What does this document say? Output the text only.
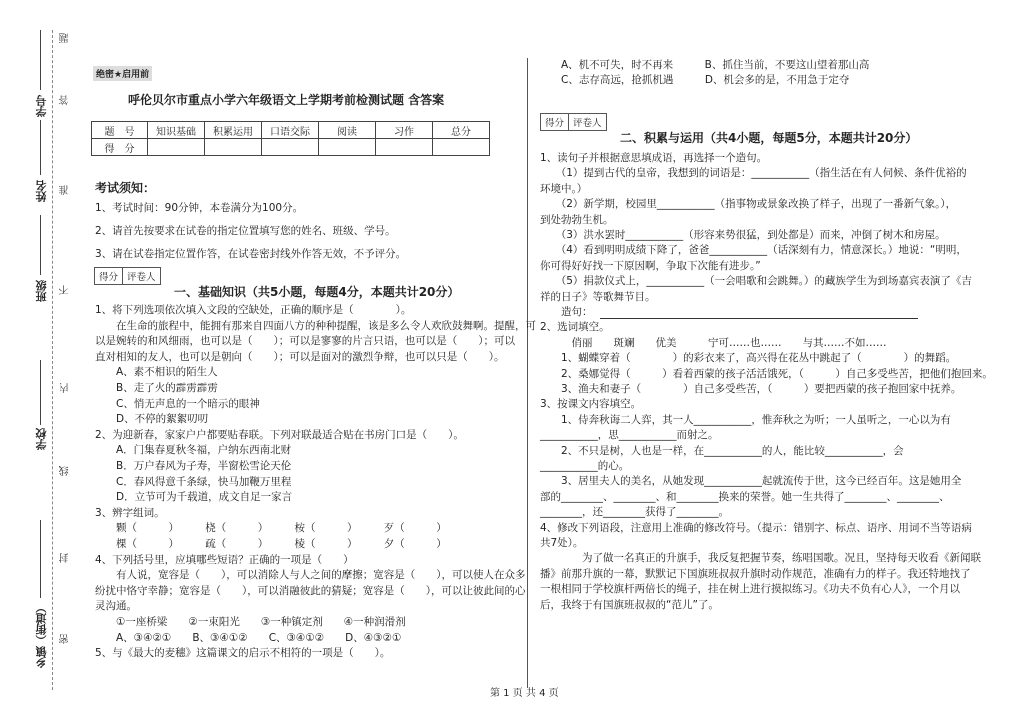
学号
姓名
班级
学校
乡镇（街道）
题
答
准
不
内
线
封
密
绝密★启用前
呼伦贝尔市重点小学六年级语文上学期考前检测试题 含答案
题　号	知识基础	积累运用	口语交际	阅读	习作	总分
得　分						
考试须知：
1、考试时间：90分钟，本卷满分为100分。
2、请首先按要求在试卷的指定位置填写您的姓名、班级、学号。
3、请在试卷指定位置作答，在试卷密封线外作答无效，不予评分。
得分 评卷人
一、基础知识（共5小题，每题4分，本题共计20分）
1、将下列选项依次填入文段的空缺处，正确的顺序是（　　　　）。
　　在生命的旅程中，能拥有那来自四面八方的种种提醒，该是多么令人欢欣鼓舞啊。提醒，可
以是婉转的和风细雨，也可以是（　　）；可以是寥寥的片言只语，也可以是（　　）；可以
直对相知的友人，也可以是朝向（　　）；可以是面对的激烈争辩，也可以只是（　　）。
　　A、素不相识的陌生人
　　B、走了火的霹雳霹雳
　　C、悄无声息的一个暗示的眼神
　　D、不停的絮絮叨叨
2、为迎新春，家家户户都要贴春联。下列对联最适合贴在书房门口是（　　）。
　　A．门集春夏秋冬福，户纳东西南北财
　　B．万户春风为子寿，半窗松雪论天伦
　　C．春风得意千条绿，快马加鞭万里程
　　D．立节可为千载道，成文自足一家言
3、辨字组词。
　　颗（　　　）　　　桡（　　　）　　　桉（　　　）　　　歹（　　　）
　　棵（　　　）　　　疏（　　　）　　　棱（　　　）　　　夕（　　　）
4、下列括号里，应填哪些短语？正确的一项是（　　）
　　有人说，宽容是（　　），可以消除人与人之间的摩擦；宽容是（　　），可以使人在众多
纷扰中恪守幸静；宽容是（　　），可以消融彼此的猜疑；宽容是（　　），可以让彼此间的心
灵沟通。
　　①一座桥梁　　②一束阳光　　③一种镇定剂　　④一种润滑剂
　　A、③④②①　　B、③④①②　　C、③④①②　　D、④③②①
5、与《最大的麦穗》这篇课文的启示不相符的一项是（　　）。
　　A、机不可失，时不再来　　　B、抓住当前，不要这山望着那山高
　　C、志存高远，抢抓机遇　　　D、机会多的是，不用急于定夺
得分 评卷人
二、积累与运用（共4小题，每题5分，本题共计20分）
1、读句子并根据意思填成语，再选择一个造句。
　　（1）提到古代的皇帝，我想到的词语是：___________（指生活在有人伺候、条件优裕的
环境中。）
　　（2）新学期，校园里___________（指事物或景象改换了样子，出现了一番新气象。），
到处勃勃生机。
　　（3）洪水罢时___________（形容来势很猛，到处都是）而来，冲倒了树木和房屋。
　　（4）看到明明成绩下降了，爸爸___________（话深刻有力，情意深长。）地说：“明明，
你可得好好找一下原因啊，争取下次能有进步。”
　　（5）捐款仪式上，___________（一会唱歌和会跳舞。）的藏族学生为到场嘉宾表演了《吉
祥的日子》等歌舞节目。
　　造句：
2、选词填空。
　　　俏丽　　斑斓　　优美　　　宁可……也……　　与其……不如……
　　1、蝴蝶穿着（　　　　）的彩衣来了，高兴得在花丛中跳起了（　　　　）的舞蹈。
　　2、桑娜觉得（　　　）看着西蒙的孩子活活饿死，（　　　）自己多受些苦，把他们抱回来。
　　3、渔夫和妻子（　　　　）自己多受些苦，（　　　）要把西蒙的孩子抱回家中抚养。
3、按课文内容填空。
　　1、侍奔秋诲二人弈，其一人___________，惟奔秋之为听；一人虽听之，一心以为有
___________，思___________而射之。
　　2、不只是树，人也是一样，在___________的人，能比较___________，会
___________的心。
　　3、居里夫人的美名，从她发现___________起就流传于世，这今已经百年。这是她用全
部的________、________、和________换来的荣誉。她一生共得了________、________、
________，还________获得了________。
4、修改下列语段，注意用上准确的修改符号。（提示：错别字、标点、语序、用词不当等语病
共7处）。
　　　　为了做一名真正的升旗手，我反复把握节奏，练唱国歌。况且，坚持每天收看《新闻联
播》前那升旗的一幕，默默记下国旗班叔叔升旗时动作规范，准确有力的样子。我还特地找了
一根相同于学校旗杆两倍长的绳子，挂在树上进行摸拟练习。《功夫不负有心人》，一个月以
后，我终于有国旗班叔叔的“范儿”了。
第 1 页 共 4 页
